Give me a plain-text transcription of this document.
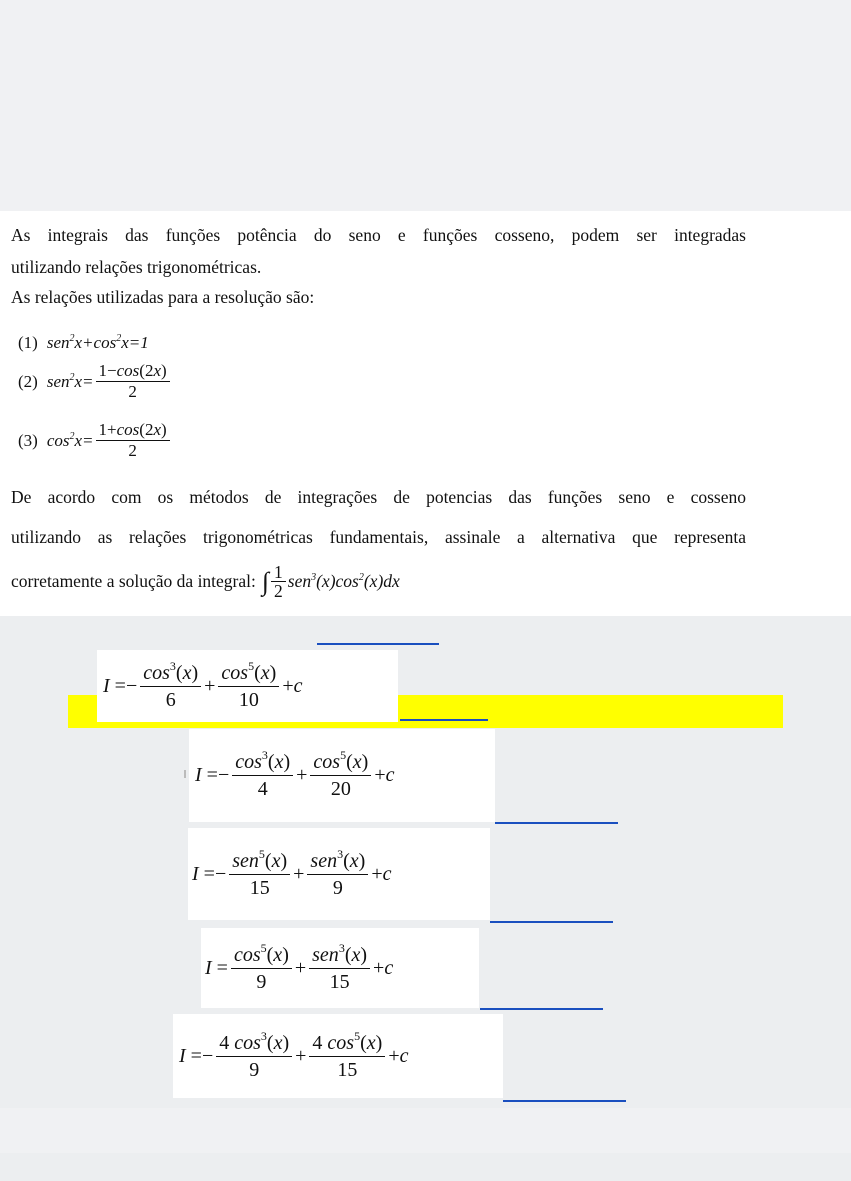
As integrais das funções potência do seno e funções cosseno, podem ser integradas
utilizando relações trigonométricas.
As relações utilizadas para a resolução são:
(1) $sen^2x+\cos^2x=1$
(2) $sen^2x= \frac{1-\cos(2x)}{2}$
(3) $\cos^2x= \frac{1+\cos(2x)}{2}$
De acordo com os métodos de integrações de potencias das funções seno e cosseno
utilizando as relações trigonométricas fundamentais, assinale a alternativa que representa
corretamente a solução da integral: ∫ $\frac{1}{2} sen^3(x)\cos^2(x)dx$
$I =- \frac{\cos^3(x)}{6} + \frac{\cos^5(x)}{10} + c$
$I =- \frac{\cos^3(x)}{4} + \frac{\cos^5(x)}{20} + c$
$I =- \frac{sen^5(x)}{15} + \frac{sen^3(x)}{9} + c$
$I = \frac{\cos^5(x)}{9} + \frac{sen^3(x)}{15} + c$
$I =- \frac{4 \cos^3(x)}{9} + \frac{4 \cos^5(x)}{15} + c$
